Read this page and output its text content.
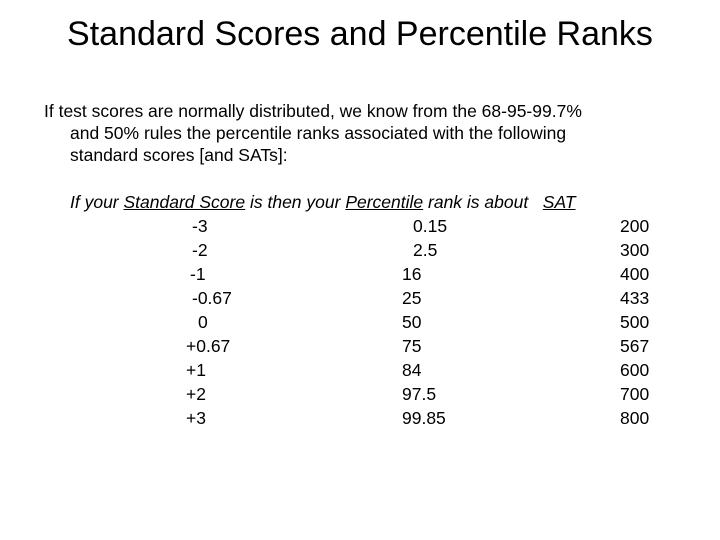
Standard Scores and Percentile Ranks
If test scores are normally distributed, we know from the 68-95-99.7%
and 50% rules the percentile ranks associated with the following
standard scores [and SATs]:
If your Standard Score is then your Percentile rank is about   SAT
-3	0.15	200
-2	2.5	300
-1	16	400
-0.67	25	433
0	50	500
+0.67	75	567
+1	84	600
+2	97.5	700
+3	99.85	800
